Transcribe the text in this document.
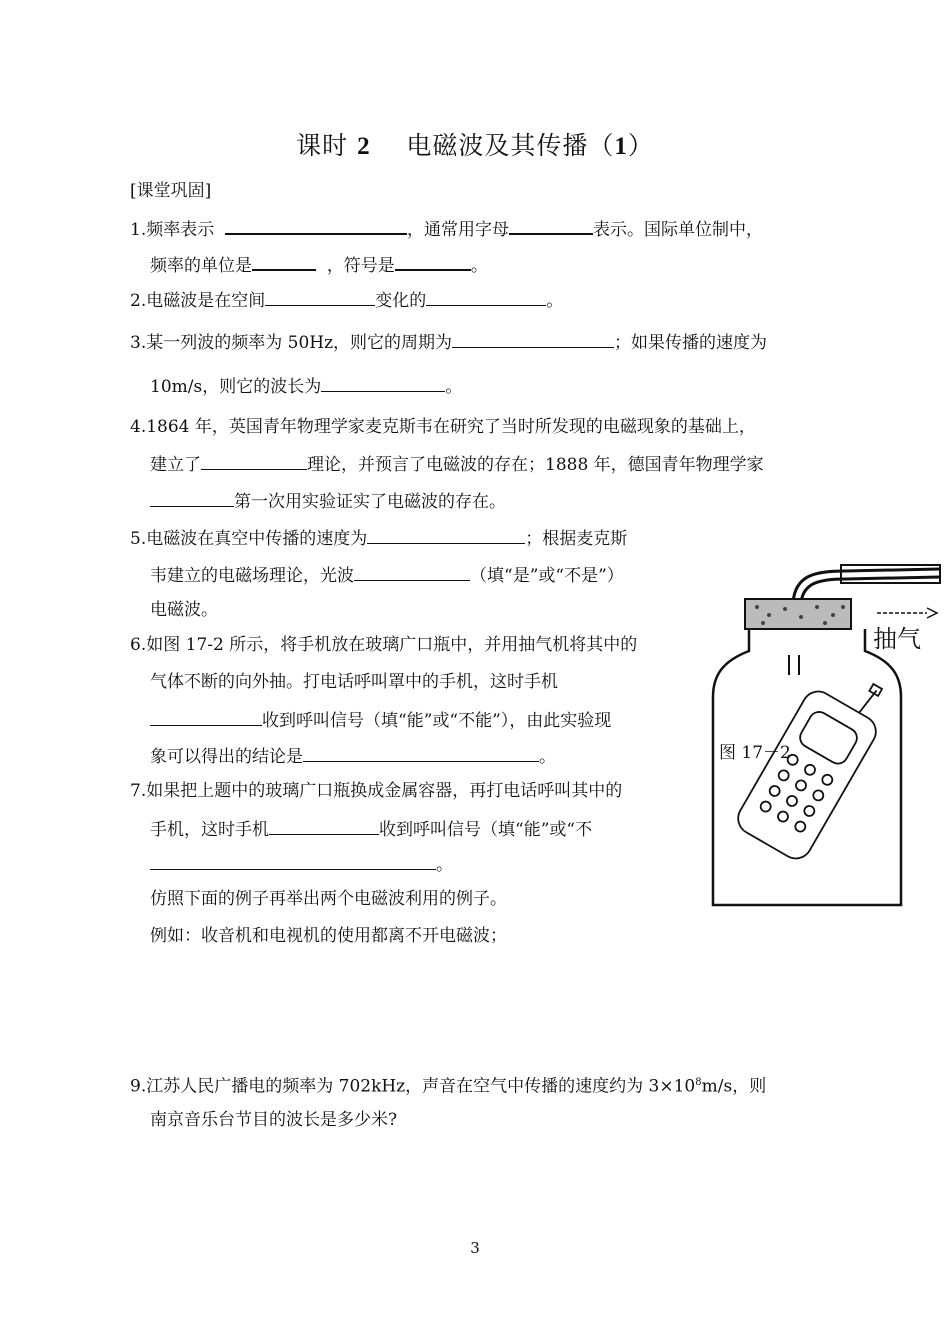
课时 2 电磁波及其传播（1）
[课堂巩固]
1.频率表示	，通常用字母	表示。国际单位制中，
频率的单位是	，符号是	。
2.电磁波是在空间	变化的	。
3.某一列波的频率为 50Hz，则它的周期为	；如果传播的速度为
10m/s，则它的波长为	。
4.1864 年，英国青年物理学家麦克斯韦在研究了当时所发现的电磁现象的基础上，
建立了	理论，并预言了电磁波的存在；1888 年，德国青年物理学家
第一次用实验证实了电磁波的存在。
5.电磁波在真空中传播的速度为	；根据麦克斯
韦建立的电磁场理论，光波	（填“是”或“不是”）
电磁波。
6.如图 17-2 所示，将手机放在玻璃广口瓶中，并用抽气机将其中的
气体不断的向外抽。打电话呼叫罩中的手机，这时手机
收到呼叫信号（填“能”或“不能”），由此实验现
象可以得出的结论是	。
7.如果把上题中的玻璃广口瓶换成金属容器，再打电话呼叫其中的
手机，这时手机	收到呼叫信号（填“能”或“不
。
仿照下面的例子再举出两个电磁波利用的例子。
例如：收音机和电视机的使用都离不开电磁波；
9.江苏人民广播电的频率为 702kHz，声音在空气中传播的速度约为 $3\times 10^8m/s$，则
南京音乐台节目的波长是多少米?
抽气
图 17－2
3
